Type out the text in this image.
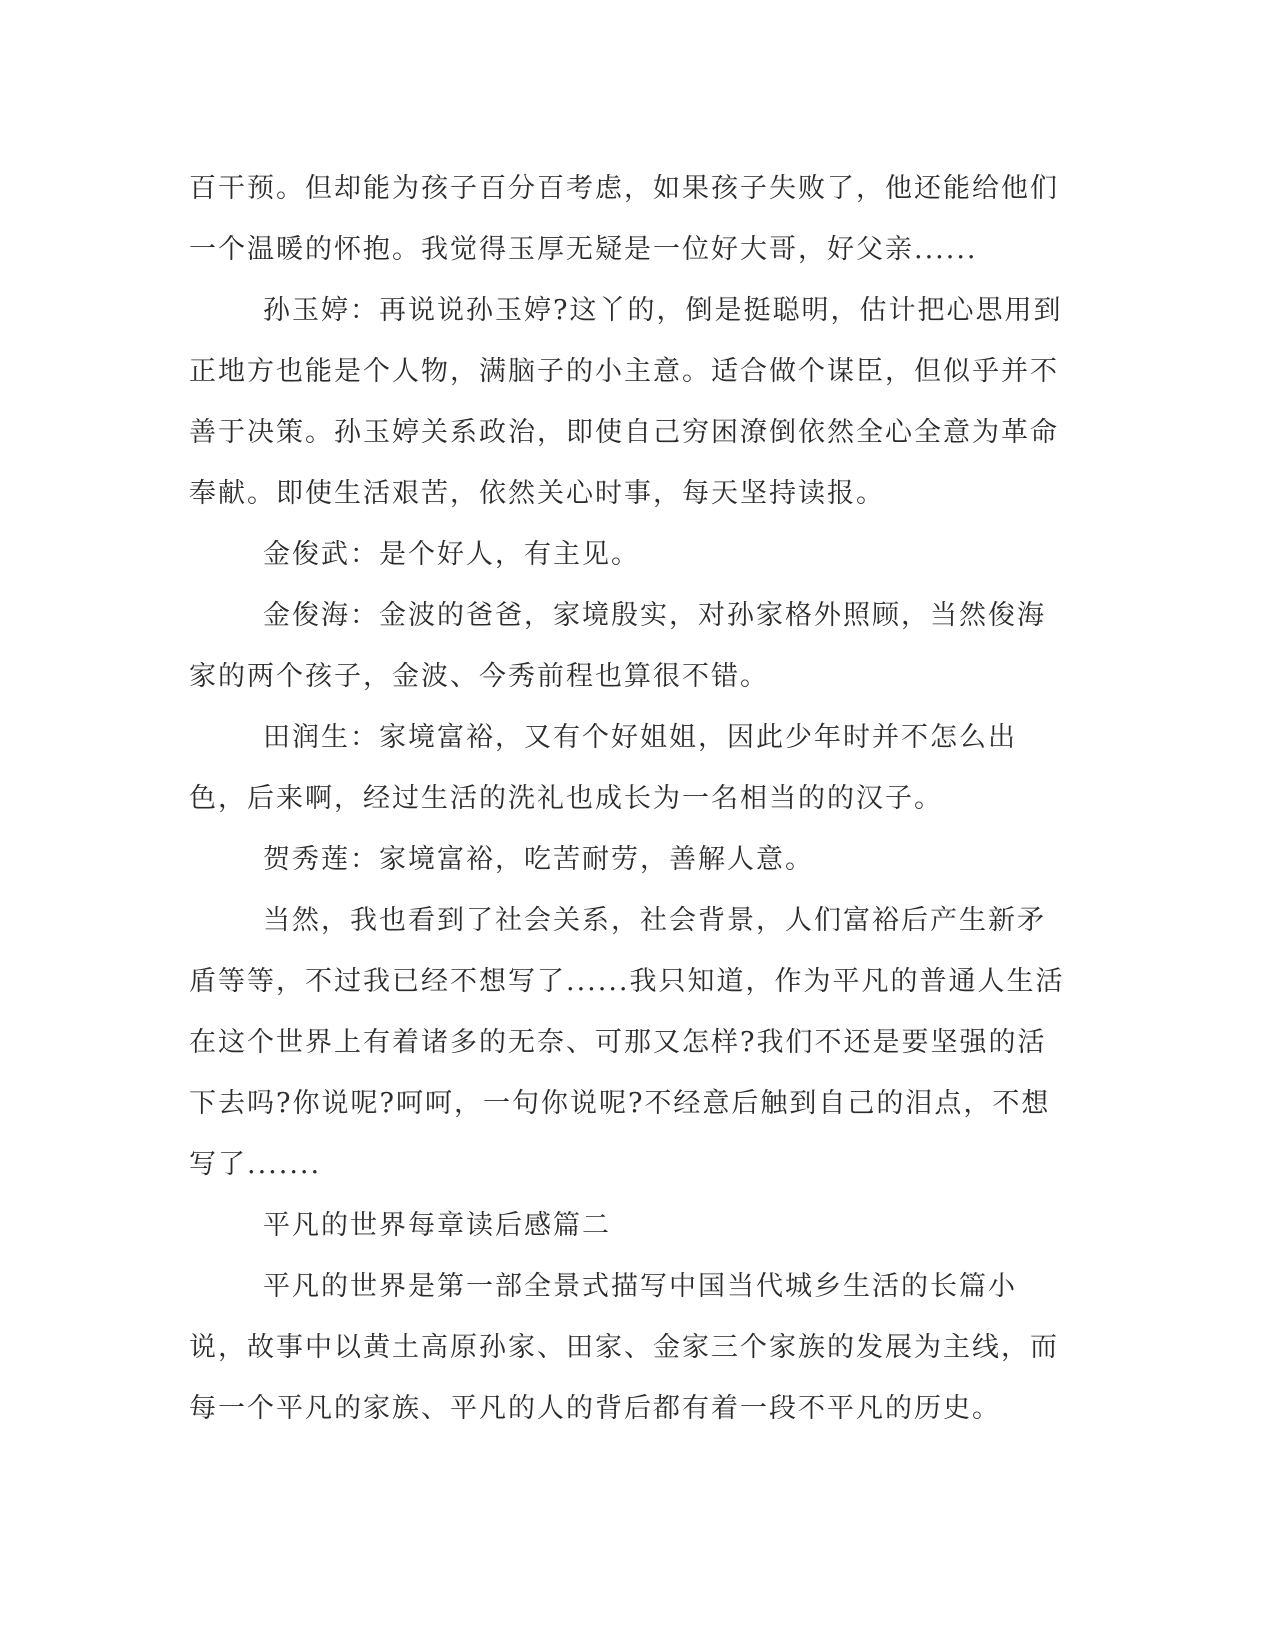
百干预。但却能为孩子百分百考虑，如果孩子失败了，他还能给他们一个温暖的怀抱。我觉得玉厚无疑是一位好大哥，好父亲......

孙玉婷：再说说孙玉婷?这丫的，倒是挺聪明，估计把心思用到正地方也能是个人物，满脑子的小主意。适合做个谋臣，但似乎并不善于决策。孙玉婷关系政治，即使自己穷困潦倒依然全心全意为革命奉献。即使生活艰苦，依然关心时事，每天坚持读报。

金俊武：是个好人，有主见。

金俊海：金波的爸爸，家境殷实，对孙家格外照顾，当然俊海家的两个孩子，金波、今秀前程也算很不错。

田润生：家境富裕，又有个好姐姐，因此少年时并不怎么出色，后来啊，经过生活的洗礼也成长为一名相当的的汉子。

贺秀莲：家境富裕，吃苦耐劳，善解人意。

当然，我也看到了社会关系，社会背景，人们富裕后产生新矛盾等等，不过我已经不想写了......我只知道，作为平凡的普通人生活在这个世界上有着诸多的无奈、可那又怎样?我们不还是要坚强的活下去吗?你说呢?呵呵，一句你说呢?不经意后触到自己的泪点，不想写了.......

平凡的世界每章读后感篇二

平凡的世界是第一部全景式描写中国当代城乡生活的长篇小说，故事中以黄土高原孙家、田家、金家三个家族的发展为主线，而每一个平凡的家族、平凡的人的背后都有着一段不平凡的历史。
